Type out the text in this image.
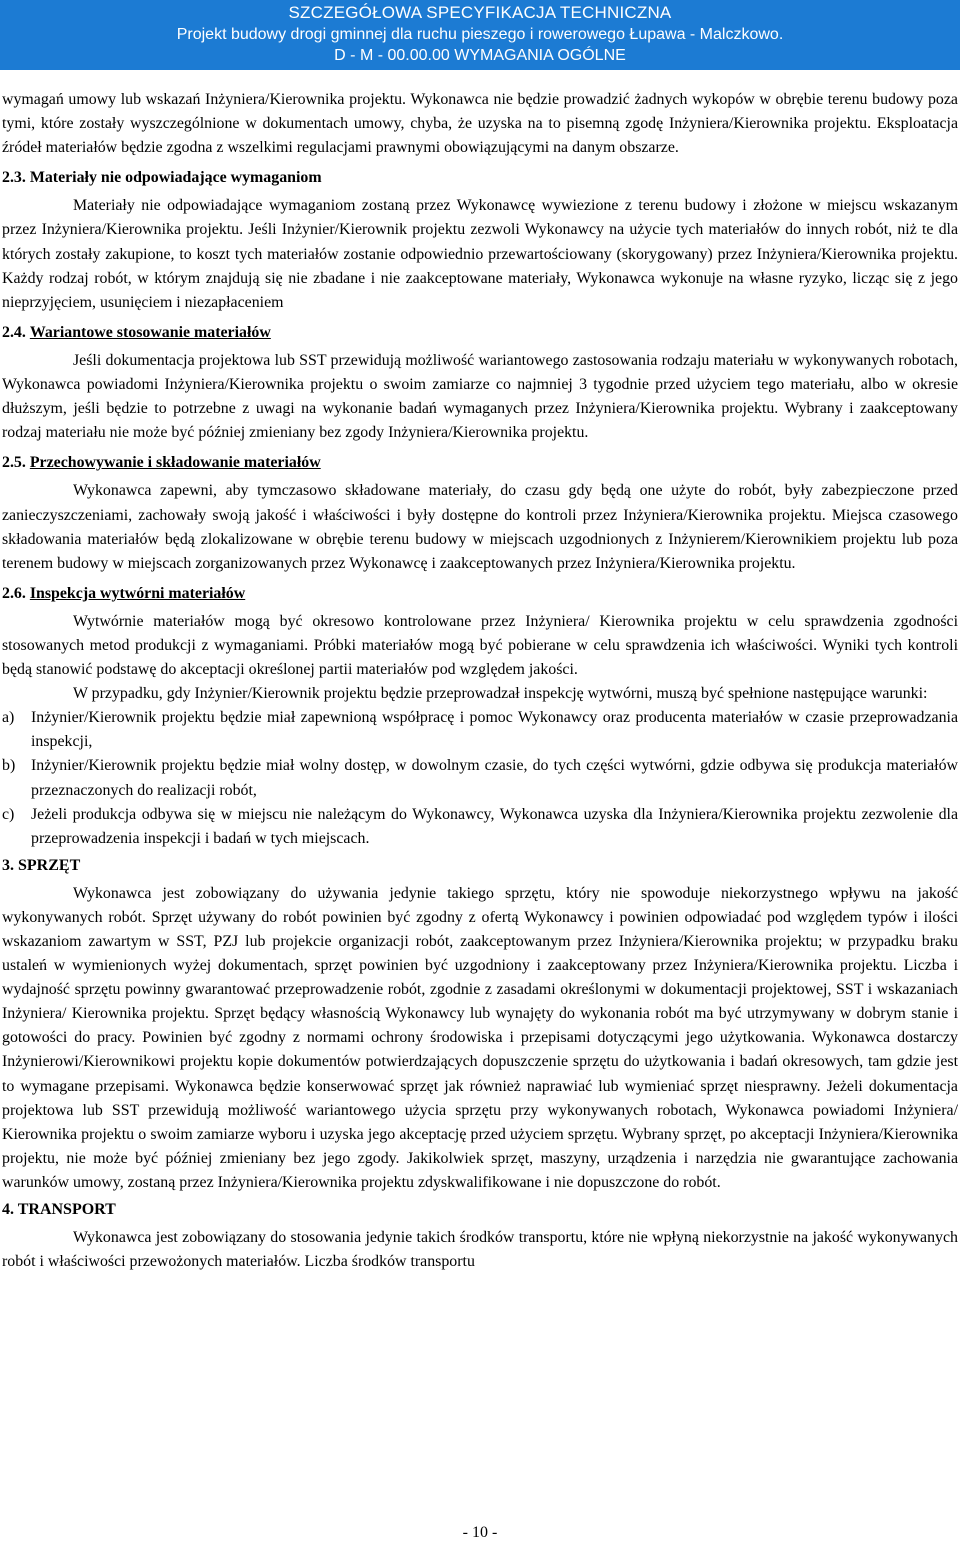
SZCZEGÓŁOWA SPECYFIKACJA TECHNICZNA
Projekt budowy drogi gminnej dla ruchu pieszego i rowerowego Łupawa - Malczkowo.
D - M - 00.00.00 WYMAGANIA OGÓLNE

wymagań umowy lub wskazań Inżyniera/Kierownika projektu. Wykonawca nie będzie prowadzić żadnych wykopów w obrębie terenu budowy poza tymi, które zostały wyszczególnione w dokumentach umowy, chyba, że uzyska na to pisemną zgodę Inżyniera/Kierownika projektu. Eksploatacja źródeł materiałów będzie zgodna z wszelkimi regulacjami prawnymi obowiązującymi na danym obszarze.

2.3. Materiały nie odpowiadające wymaganiom

Materiały nie odpowiadające wymaganiom zostaną przez Wykonawcę wywiezione z terenu budowy i złożone w miejscu wskazanym przez Inżyniera/Kierownika projektu. Jeśli Inżynier/Kierownik projektu zezwoli Wykonawcy na użycie tych materiałów do innych robót, niż te dla których zostały zakupione, to koszt tych materiałów zostanie odpowiednio przewartościowany (skorygowany) przez Inżyniera/Kierownika projektu. Każdy rodzaj robót, w którym znajdują się nie zbadane i nie zaakceptowane materiały, Wykonawca wykonuje na własne ryzyko, licząc się z jego nieprzyjęciem, usunięciem i niezapłaceniem

2.4. Wariantowe stosowanie materiałów

Jeśli dokumentacja projektowa lub SST przewidują możliwość wariantowego zastosowania rodzaju materiału w wykonywanych robotach, Wykonawca powiadomi Inżyniera/Kierownika projektu o swoim zamiarze co najmniej 3 tygodnie przed użyciem tego materiału, albo w okresie dłuższym, jeśli będzie to potrzebne z uwagi na wykonanie badań wymaganych przez Inżyniera/Kierownika projektu. Wybrany i zaakceptowany rodzaj materiału nie może być później zmieniany bez zgody Inżyniera/Kierownika projektu.

2.5. Przechowywanie i składowanie materiałów

Wykonawca zapewni, aby tymczasowo składowane materiały, do czasu gdy będą one użyte do robót, były zabezpieczone przed zanieczyszczeniami, zachowały swoją jakość i właściwości i były dostępne do kontroli przez Inżyniera/Kierownika projektu. Miejsca czasowego składowania materiałów będą zlokalizowane w obrębie terenu budowy w miejscach uzgodnionych z Inżynierem/Kierownikiem projektu lub poza terenem budowy w miejscach zorganizowanych przez Wykonawcę i zaakceptowanych przez Inżyniera/Kierownika projektu.

2.6. Inspekcja wytwórni materiałów

Wytwórnie materiałów mogą być okresowo kontrolowane przez Inżyniera/ Kierownika projektu w celu sprawdzenia zgodności stosowanych metod produkcji z wymaganiami. Próbki materiałów mogą być pobierane w celu sprawdzenia ich właściwości. Wyniki tych kontroli będą stanowić podstawę do akceptacji określonej partii materiałów pod względem jakości.

W przypadku, gdy Inżynier/Kierownik projektu będzie przeprowadzał inspekcję wytwórni, muszą być spełnione następujące warunki:

a) Inżynier/Kierownik projektu będzie miał zapewnioną współpracę i pomoc Wykonawcy oraz producenta materiałów w czasie przeprowadzania inspekcji,
b) Inżynier/Kierownik projektu będzie miał wolny dostęp, w dowolnym czasie, do tych części wytwórni, gdzie odbywa się produkcja materiałów przeznaczonych do realizacji robót,
c) Jeżeli produkcja odbywa się w miejscu nie należącym do Wykonawcy, Wykonawca uzyska dla Inżyniera/Kierownika projektu zezwolenie dla przeprowadzenia inspekcji i badań w tych miejscach.
3. SPRZĘT

Wykonawca jest zobowiązany do używania jedynie takiego sprzętu, który nie spowoduje niekorzystnego wpływu na jakość wykonywanych robót. Sprzęt używany do robót powinien być zgodny z ofertą Wykonawcy i powinien odpowiadać pod względem typów i ilości wskazaniom zawartym w SST, PZJ lub projekcie organizacji robót, zaakceptowanym przez Inżyniera/Kierownika projektu; w przypadku braku ustaleń w wymienionych wyżej dokumentach, sprzęt powinien być uzgodniony i zaakceptowany przez Inżyniera/Kierownika projektu. Liczba i wydajność sprzętu powinny gwarantować przeprowadzenie robót, zgodnie z zasadami określonymi w dokumentacji projektowej, SST i wskazaniach Inżyniera/ Kierownika projektu. Sprzęt będący własnością Wykonawcy lub wynajęty do wykonania robót ma być utrzymywany w dobrym stanie i gotowości do pracy. Powinien być zgodny z normami ochrony środowiska i przepisami dotyczącymi jego użytkowania. Wykonawca dostarczy Inżynierowi/Kierownikowi projektu kopie dokumentów potwierdzających dopuszczenie sprzętu do użytkowania i badań okresowych, tam gdzie jest to wymagane przepisami. Wykonawca będzie konserwować sprzęt jak również naprawiać lub wymieniać sprzęt niesprawny. Jeżeli dokumentacja projektowa lub SST przewidują możliwość wariantowego użycia sprzętu przy wykonywanych robotach, Wykonawca powiadomi Inżyniera/ Kierownika projektu o swoim zamiarze wyboru i uzyska jego akceptację przed użyciem sprzętu. Wybrany sprzęt, po akceptacji Inżyniera/Kierownika projektu, nie może być później zmieniany bez jego zgody. Jakikolwiek sprzęt, maszyny, urządzenia i narzędzia nie gwarantujące zachowania warunków umowy, zostaną przez Inżyniera/Kierownika projektu zdyskwalifikowane i nie dopuszczone do robót.

4. TRANSPORT

Wykonawca jest zobowiązany do stosowania jedynie takich środków transportu, które nie wpłyną niekorzystnie na jakość wykonywanych robót i właściwości przewożonych materiałów. Liczba środków transportu

- 10 -
